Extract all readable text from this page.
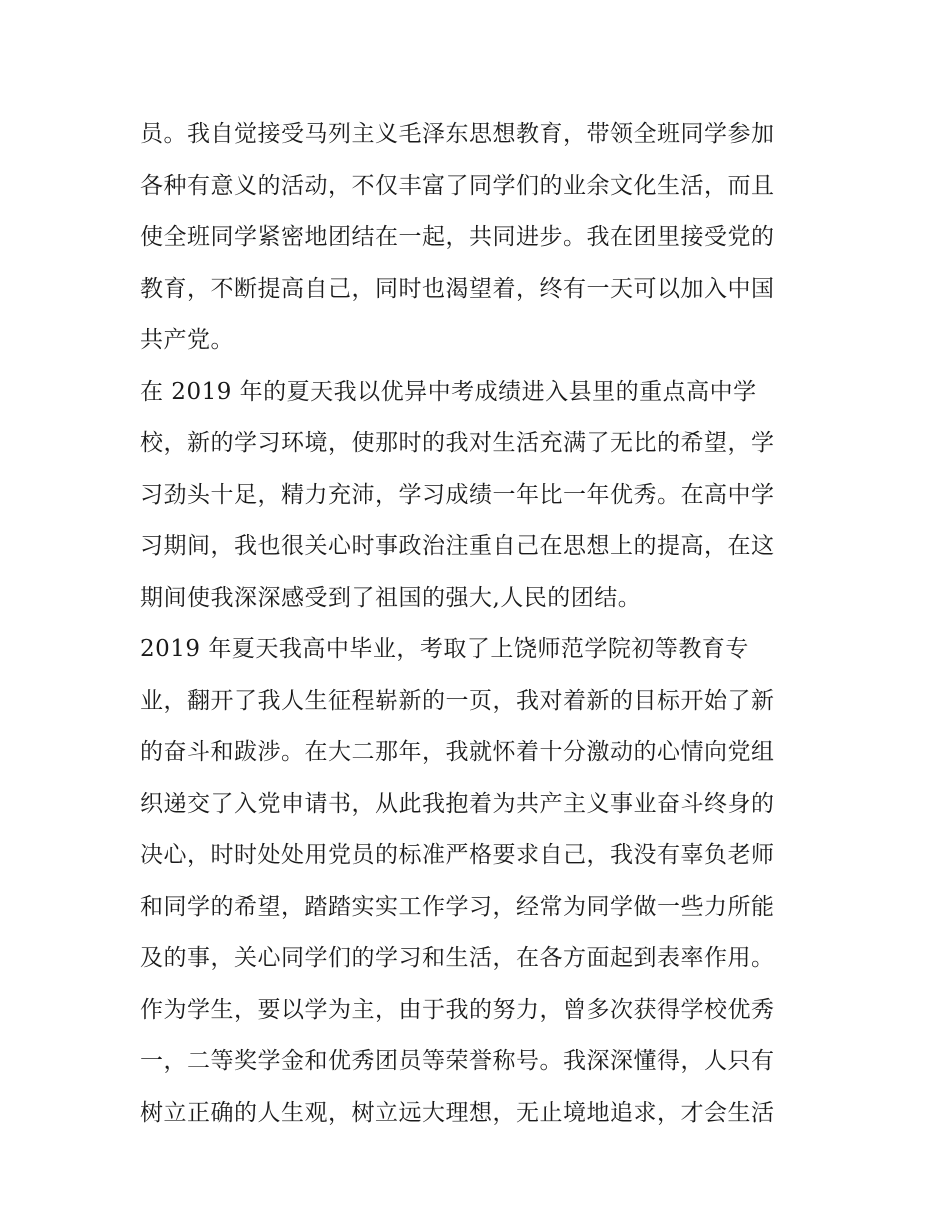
员。我自觉接受马列主义毛泽东思想教育，带领全班同学参加
各种有意义的活动，不仅丰富了同学们的业余文化生活，而且
使全班同学紧密地团结在一起，共同进步。我在团里接受党的
教育，不断提高自己，同时也渴望着，终有一天可以加入中国
共产党。
在 2019 年的夏天我以优异中考成绩进入县里的重点高中学
校，新的学习环境，使那时的我对生活充满了无比的希望，学
习劲头十足，精力充沛，学习成绩一年比一年优秀。在高中学
习期间，我也很关心时事政治注重自己在思想上的提高，在这
期间使我深深感受到了祖国的强大,人民的团结。
2019 年夏天我高中毕业，考取了上饶师范学院初等教育专
业，翻开了我人生征程崭新的一页，我对着新的目标开始了新
的奋斗和跋涉。在大二那年，我就怀着十分激动的心情向党组
织递交了入党申请书，从此我抱着为共产主义事业奋斗终身的
决心，时时处处用党员的标准严格要求自己，我没有辜负老师
和同学的希望，踏踏实实工作学习，经常为同学做一些力所能
及的事，关心同学们的学习和生活，在各方面起到表率作用。
作为学生，要以学为主，由于我的努力，曾多次获得学校优秀
一，二等奖学金和优秀团员等荣誉称号。我深深懂得，人只有
树立正确的人生观，树立远大理想，无止境地追求，才会生活
